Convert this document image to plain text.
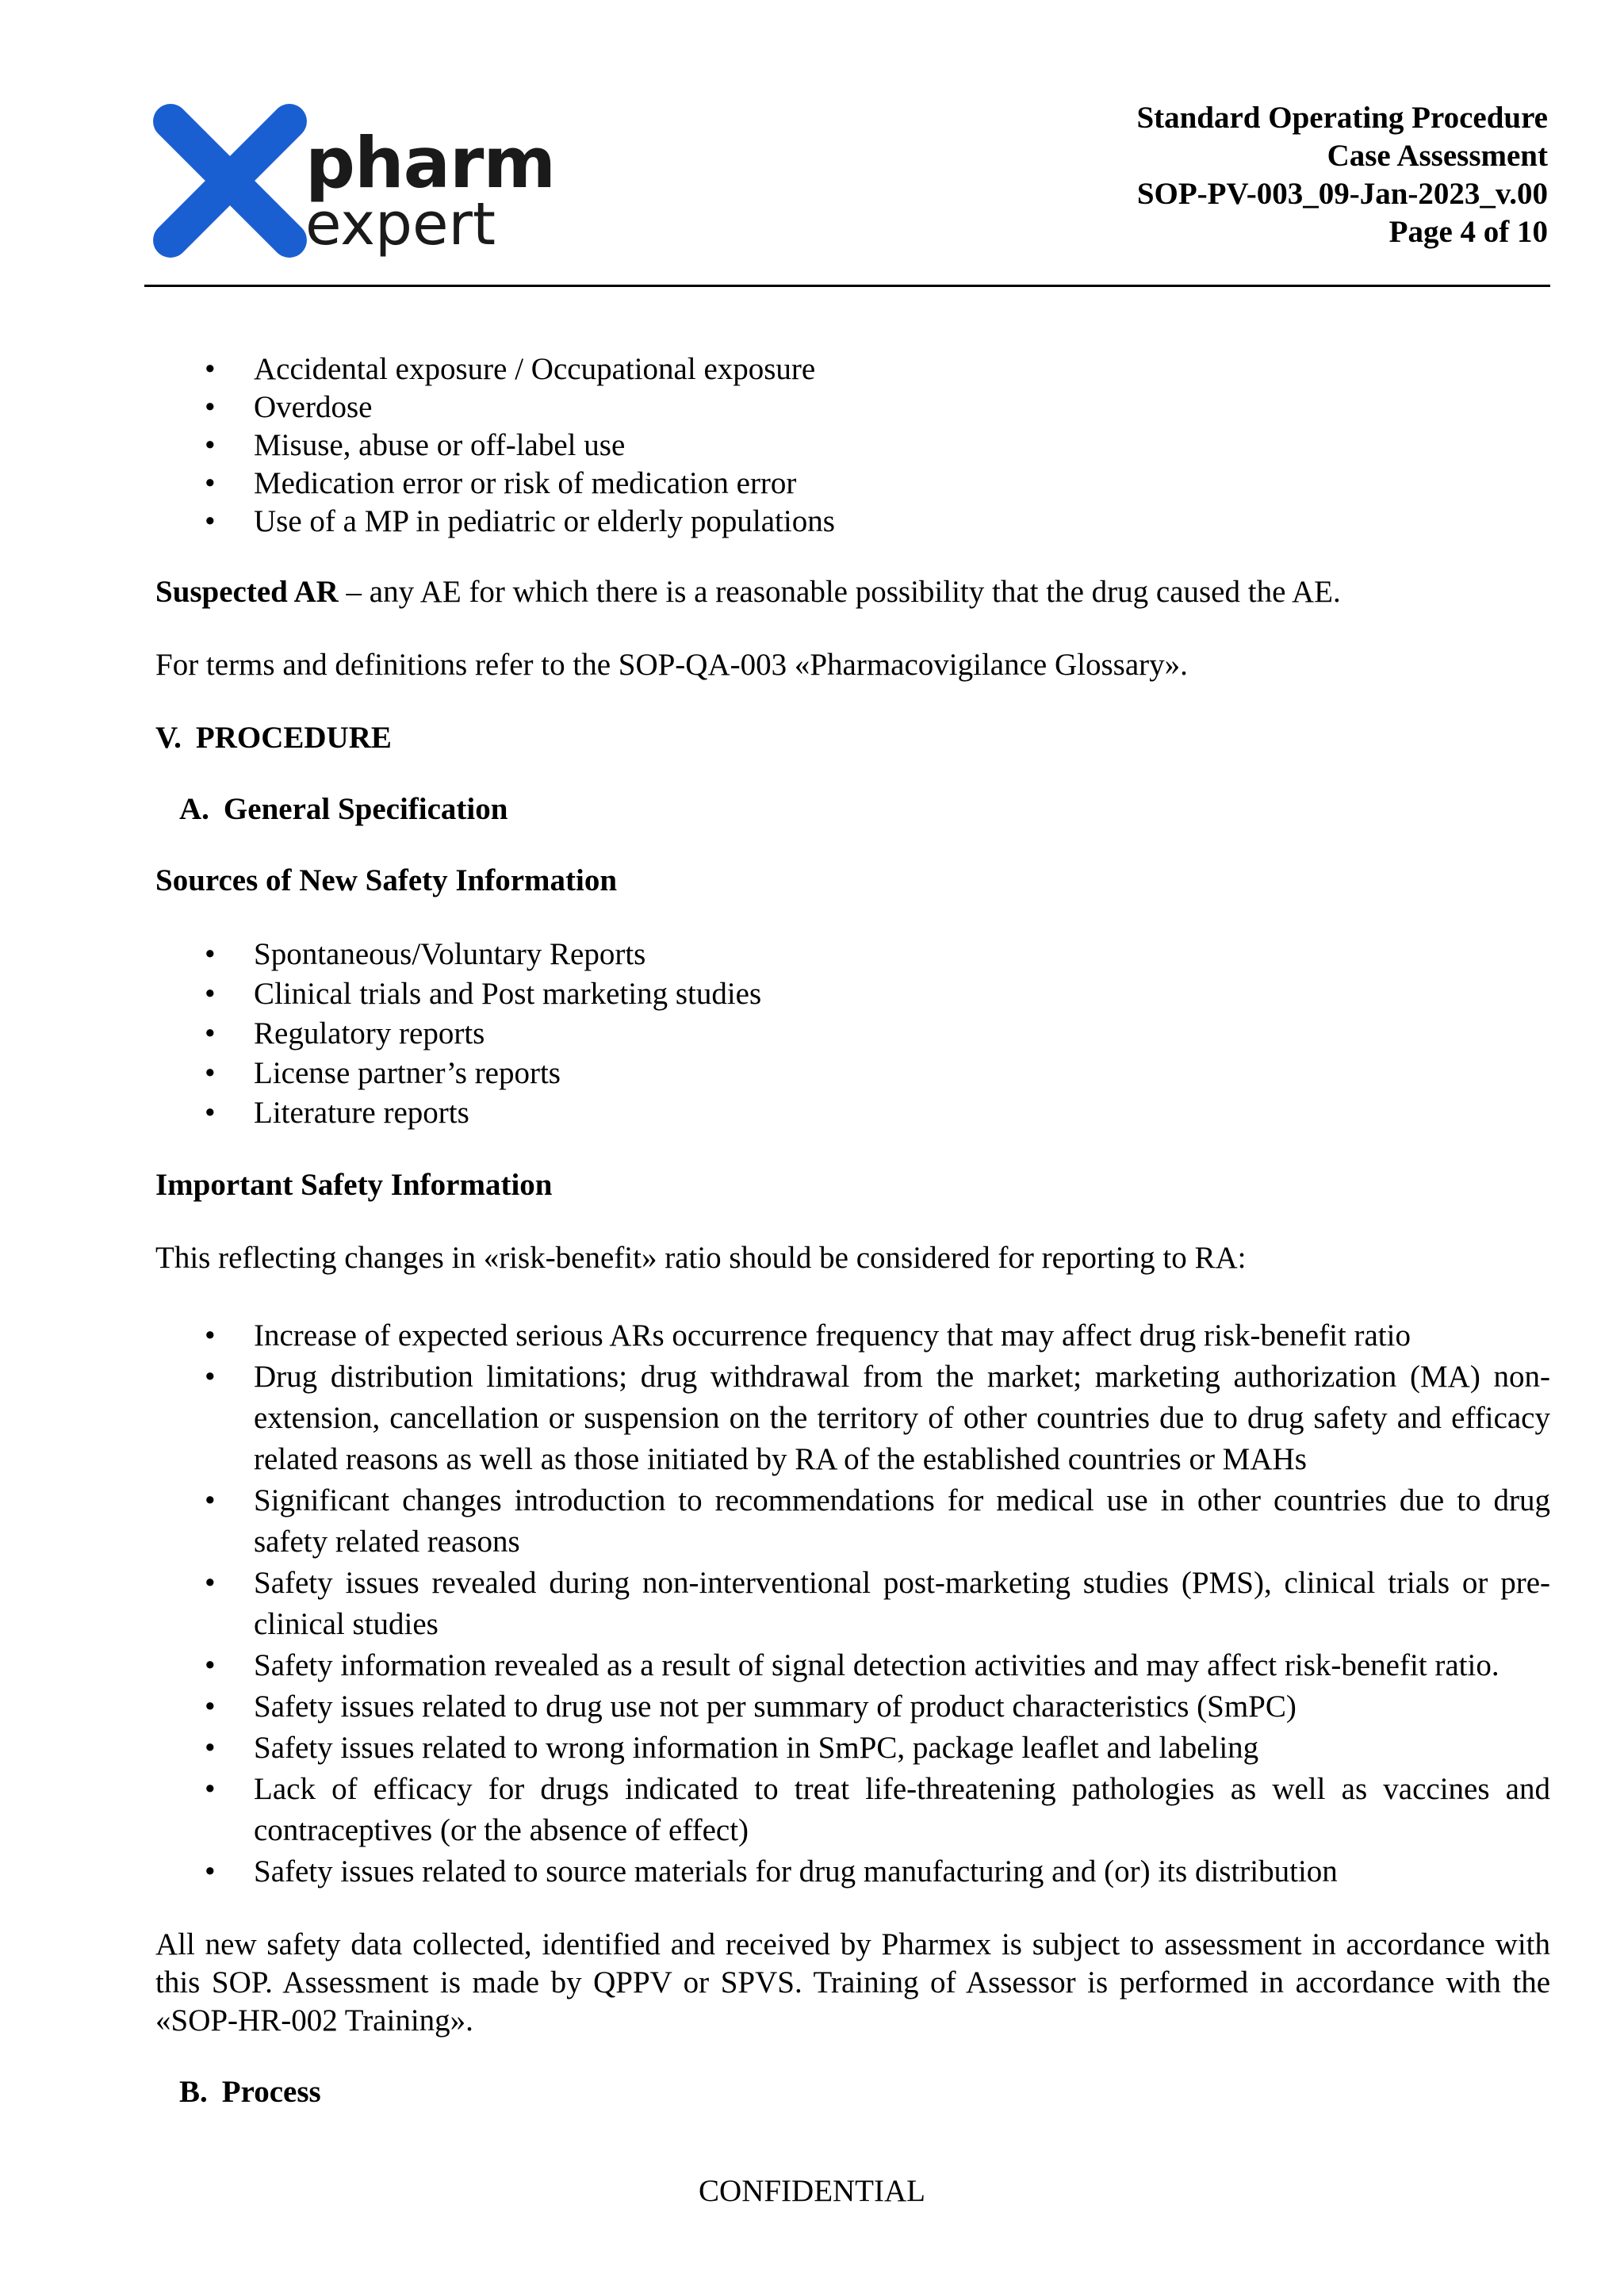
pharm
expert
Standard Operating Procedure
Case Assessment
SOP-PV-003_09-Jan-2023_v.00
Page 4 of 10
• Accidental exposure / Occupational exposure
• Overdose
• Misuse, abuse or off-label use
• Medication error or risk of medication error
• Use of a MP in pediatric or elderly populations

Suspected AR – any AE for which there is a reasonable possibility that the drug caused the AE.

For terms and definitions refer to the SOP-QA-003 «Pharmacovigilance Glossary».

V. PROCEDURE

A. General Specification

Sources of New Safety Information

• Spontaneous/Voluntary Reports
• Clinical trials and Post marketing studies
• Regulatory reports
• License partner’s reports
• Literature reports

Important Safety Information

This reflecting changes in «risk-benefit» ratio should be considered for reporting to RA:

• Increase of expected serious ARs occurrence frequency that may affect drug risk-benefit ratio
• Drug distribution limitations; drug withdrawal from the market; marketing authorization (MA) non-extension, cancellation or suspension on the territory of other countries due to drug safety and efficacy related reasons as well as those initiated by RA of the established countries or MAHs
• Significant changes introduction to recommendations for medical use in other countries due to drug safety related reasons
• Safety issues revealed during non-interventional post-marketing studies (PMS), clinical trials or pre-clinical studies
• Safety information revealed as a result of signal detection activities and may affect risk-benefit ratio.
• Safety issues related to drug use not per summary of product characteristics (SmPC)
• Safety issues related to wrong information in SmPC, package leaflet and labeling
• Lack of efficacy for drugs indicated to treat life-threatening pathologies as well as vaccines and contraceptives (or the absence of effect)
• Safety issues related to source materials for drug manufacturing and (or) its distribution

All new safety data collected, identified and received by Pharmex is subject to assessment in accordance with this SOP. Assessment is made by QPPV or SPVS. Training of Assessor is performed in accordance with the «SOP-HR-002 Training».

B. Process

CONFIDENTIAL
